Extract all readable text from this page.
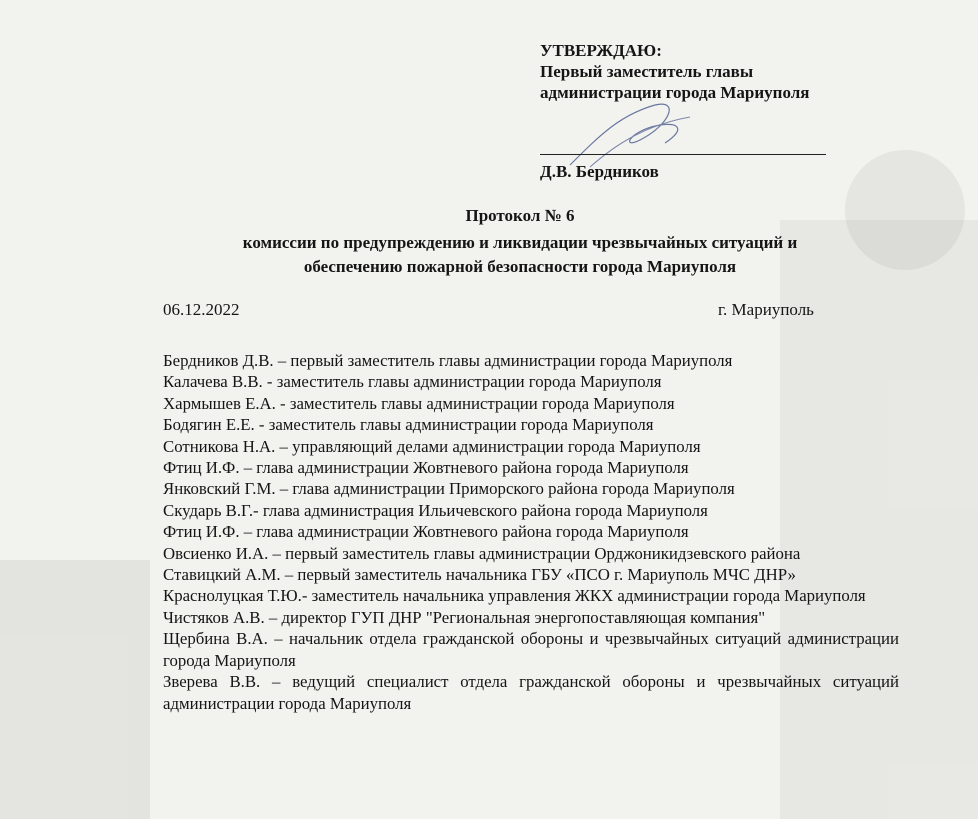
УТВЕРЖДАЮ:
Первый заместитель главы
администрации города Мариуполя
Д.В. Бердников
Протокол № 6
комиссии по предупреждению и ликвидации чрезвычайных ситуаций и
обеспечению пожарной безопасности города Мариуполя
06.12.2022	г. Мариуполь
Бердников Д.В. – первый заместитель главы администрации города Мариуполя
Калачева В.В. - заместитель главы администрации города Мариуполя
Хармышев Е.А. - заместитель главы администрации города Мариуполя
Бодягин Е.Е. - заместитель главы администрации города Мариуполя
Сотникова Н.А. – управляющий делами администрации города Мариуполя
Фтиц И.Ф. – глава администрации Жовтневого района города Мариуполя
Янковский Г.М. – глава администрации Приморского района города Мариуполя
Скударь В.Г.- глава администрация Ильичевского района города Мариуполя
Фтиц И.Ф. – глава администрации Жовтневого района города Мариуполя
Овсиенко И.А. – первый заместитель главы администрации Орджоникидзевского района
Ставицкий А.М. – первый заместитель начальника ГБУ «ПСО г. Мариуполь МЧС ДНР»
Краснолуцкая Т.Ю.- заместитель начальника управления ЖКХ администрации города Мариуполя
Чистяков А.В. – директор ГУП ДНР "Региональная энергопоставляющая компания"
Щербина В.А. – начальник отдела гражданской обороны и чрезвычайных ситуаций администрации города Мариуполя
Зверева В.В. – ведущий специалист отдела гражданской обороны и чрезвычайных ситуаций администрации города Мариуполя
